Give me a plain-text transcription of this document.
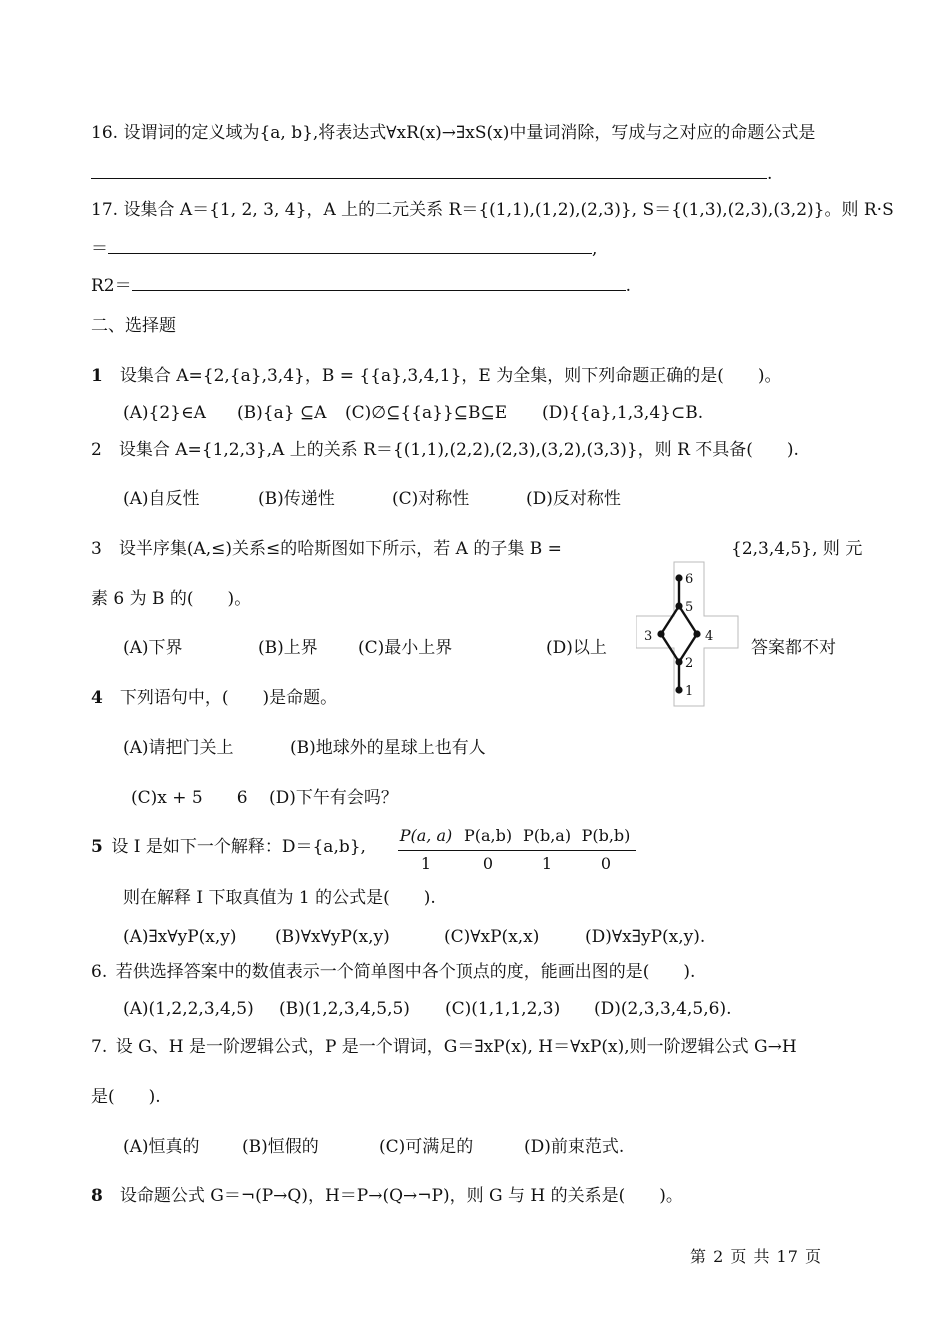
16. 设谓词的定义域为{a, b},将表达式∀xR(x)→∃xS(x)中量词消除，写成与之对应的命题公式是
.
17. 设集合 A＝{1, 2, 3, 4}，A 上的二元关系 R＝{(1,1),(1,2),(2,3)}, S＝{(1,3),(2,3),(3,2)}。则 R·S
＝	,
R2＝	.
二、选择题
1  设集合 A={2,{a},3,4}，B = {{a},3,4,1}，E 为全集，则下列命题正确的是(　　)。
(A){2}∈A (B){a} ⊆A (C)∅⊆{{a}}⊆B⊆E (D){{a},1,3,4}⊂B.
2  设集合 A={1,2,3},A 上的关系 R＝{(1,1),(2,2),(2,3),(3,2),(3,3)}，则 R 不具备(　　).
(A)自反性	(B)传递性	(C)对称性	(D)反对称性
3  设半序集(A,≤)关系≤的哈斯图如下所示，若 A 的子集 B =	{2,3,4,5}, 则 元
素 6 为 B 的(　　)。
(A)下界	(B)上界 (C)最小上界	(D)以上	答案都不对
6
5
3	4
2
1
4  下列语句中，(　　)是命题。
(A)请把门关上	(B)地球外的星球上也有人
(C)x + 5　　6 (D)下午有会吗？
5  设 I 是如下一个解释：D＝{a,b},
P(a, a) P(a,b) P(b,a) P(b,b)
1	0	1	0
则在解释 I 下取真值为 1 的公式是(　　).
(A)∃x∀yP(x,y) (B)∀x∀yP(x,y)	(C)∀xP(x,x)	(D)∀x∃yP(x,y).
6.  若供选择答案中的数值表示一个简单图中各个顶点的度，能画出图的是(　　).
(A)(1,2,2,3,4,5) (B)(1,2,3,4,5,5) (C)(1,1,1,2,3) (D)(2,3,3,4,5,6).
7.  设 G、H 是一阶逻辑公式，P 是一个谓词，G＝∃xP(x), H＝∀xP(x),则一阶逻辑公式 G→H
是(　　).
(A)恒真的 (B)恒假的	(C)可满足的	(D)前束范式.
8  设命题公式 G＝¬(P→Q)，H＝P→(Q→¬P)，则 G 与 H 的关系是(　　)。
第 2 页 共 17 页
